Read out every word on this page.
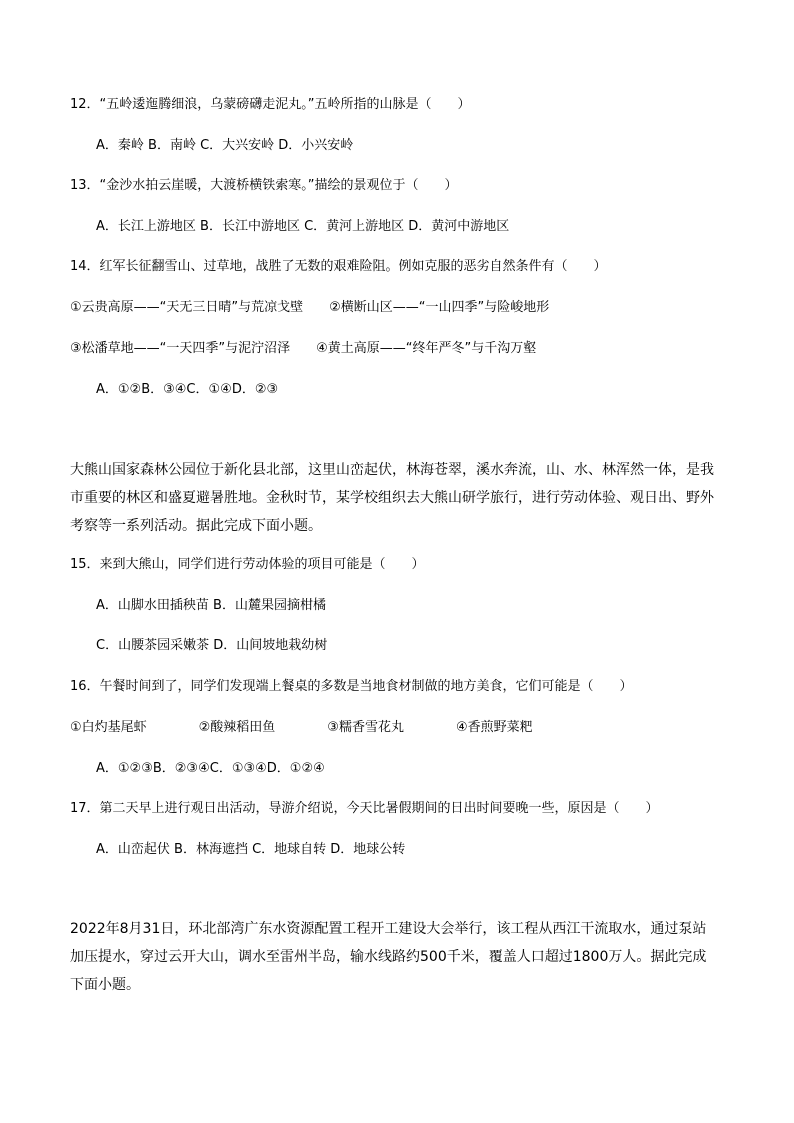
12．“五岭逶迤腾细浪，乌蒙磅礴走泥丸。”五岭所指的山脉是（　　）
A．秦岭 B．南岭 C．大兴安岭 D．小兴安岭
13．“金沙水拍云崖暖，大渡桥横铁索寒。”描绘的景观位于（　　）
A．长江上游地区 B．长江中游地区 C．黄河上游地区 D．黄河中游地区
14．红军长征翻雪山、过草地，战胜了无数的艰难险阻。例如克服的恶劣自然条件有（　　）
①云贵高原——“天无三日晴”与荒凉戈壁　　②横断山区——“一山四季”与险峻地形
③松潘草地——“一天四季”与泥泞沼泽　　④黄土高原——“终年严冬”与千沟万壑
A．①②B．③④C．①④D．②③
大熊山国家森林公园位于新化县北部，这里山峦起伏，林海苍翠，溪水奔流，山、水、林浑然一体，是我
市重要的林区和盛夏避暑胜地。金秋时节，某学校组织去大熊山研学旅行，进行劳动体验、观日出、野外
考察等一系列活动。据此完成下面小题。
15．来到大熊山，同学们进行劳动体验的项目可能是（　　）
A．山脚水田插秧苗 B．山麓果园摘柑橘
C．山腰茶园采嫩茶 D．山间坡地栽幼树
16．午餐时间到了，同学们发现端上餐桌的多数是当地食材制做的地方美食，它们可能是（　　）
①白灼基尾虾　　　　②酸辣稻田鱼　　　　③糯香雪花丸　　　　④香煎野菜粑
A．①②③B．②③④C．①③④D．①②④
17．第二天早上进行观日出活动，导游介绍说，今天比暑假期间的日出时间要晚一些，原因是（　　）
A．山峦起伏 B．林海遮挡 C．地球自转 D．地球公转
2022年8月31日，环北部湾广东水资源配置工程开工建设大会举行，该工程从西江干流取水，通过泵站
加压提水，穿过云开大山，调水至雷州半岛，输水线路约500千米，覆盖人口超过1800万人。据此完成
下面小题。
